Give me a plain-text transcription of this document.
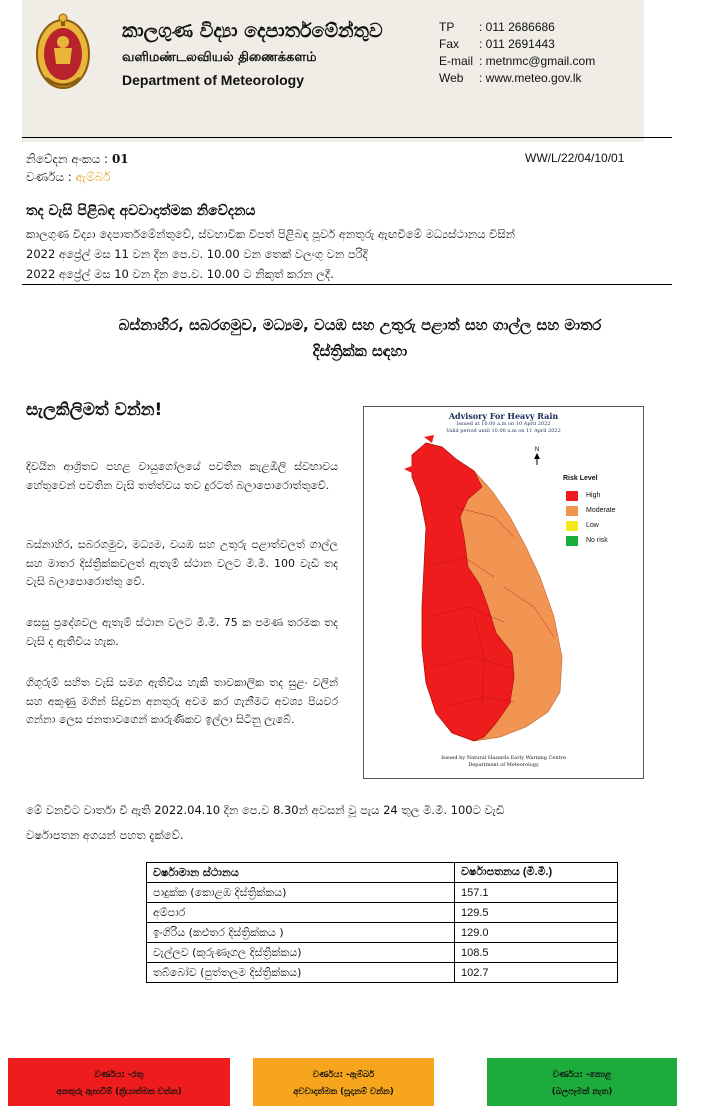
කාලගුණ විද්‍යා දෙපාර්තමේන්තුව
வளிமண்டலவியல் திணைக்களம்
Department of Meteorology
TP	: 011 2686686
Fax	: 011 2691443
E-mail : metnmc@gmail.com
Web	: www.meteo.gov.lk
නිවේදන අංකය : 01
වර්ණය : ඇම්බර්
WW/L/22/04/10/01
තද වැසි පිළිබඳ අවවාදාත්මක නිවේදනය
කාලගුණ විද්‍යා දෙපාර්තමේන්තුවේ, ස්වභාවික විපත් පිළිබඳ පූර්ව අනතුරු ඇඟවීමේ මධ්‍යස්ථානය විසින්
2022 අප්‍රේල් මස 11 වන දින පෙ.ව. 10.00 වන තෙක් වලංගු වන පරිදි
2022 අප්‍රේල් මස 10 වන දින පෙ.ව. 10.00 ට නිකුත් කරන ලදී.
බස්නාහිර, සබරගමුව, මධ්‍යම, වයඹ සහ උතුරු පළාත් සහ ගාල්ල සහ මාතර
දිස්ත්‍රික්ක සඳහා
සැලකිලිමත් වන්න!
දිවයින ආශ්‍රිතව පහළ වායුගෝලයේ පවතින කැළඹිලි ස්වභාවය හේතුවෙන් පවතින වැසි තත්ත්වය තව දුරටත් බලාපොරොත්තුවේ.
බස්නාහිර, සබරගමුව, මධ්‍යම, වයඹ සහ උතුරු පළාත්වලත් ගාල්ල සහ මාතර දිස්ත්‍රික්කවලත් ඇතැම් ස්ථාන වලට මි.මී. 100 වැඩි තද වැසි බලාපොරොත්තු වේ.
සෙසු ප්‍රදේශවල ඇතැම් ස්ථාන වලට මි.මී. 75 ක පමණ තරමක තද වැසි ද ඇතිවිය හැක.
ගිගුරුම් සහිත වැසි සමග ඇතිවිය හැකි තාවකාලික තද සුළං වලින් සහ අකුණු මගින් සිදුවන අනතුරු අවම කර ගැනීමට අවශ්‍ය පියවර ගන්නා ලෙස ජනතාවගෙන් කාරුණිකව ඉල්ලා සිටිනු ලැබේ.
Advisory For Heavy Rain
Issued at 10.00 a.m on 10 April 2022
Valid period until 10.00 a.m on 11 April 2022
N
Risk Level
High
Moderate
Low
No risk
Issued by Natural Hazards Early Warning Centre
Department of Meteorology
මේ වනවිට වාර්තා වී ඇති 2022.04.10 දින පෙ.ව 8.30න් අවසන් වූ පැය 24 තුල මි.මී. 100ට වැඩි
වර්ෂාපතන අගයන් පහත දැක්වේ.
වර්ෂාමාන ස්ථානය	වර්ෂාපතනය (මි.මී.)
පාදුක්ක (කොළඹ දිස්ත්‍රික්කය)	157.1
අම්පාර	129.5
ඉංගිරිය (කළුතර දිස්ත්‍රික්කය )	129.0
වැල්ලව (කුරුණෑගල දිස්ත්‍රික්කය)	108.5
තබ්බෝව (පුත්තලම දිස්ත්‍රික්කය)	102.7
වර්ණය: -රතු
අනතුරු ඇඟවීම් (ක්‍රියාත්මක වන්න)
වර්ණය: -ඇම්බර්
අවවාදාත්මක (සූදානම් වන්න)
වර්ණය: -කොළ
(බලපෑමක් නැත)
